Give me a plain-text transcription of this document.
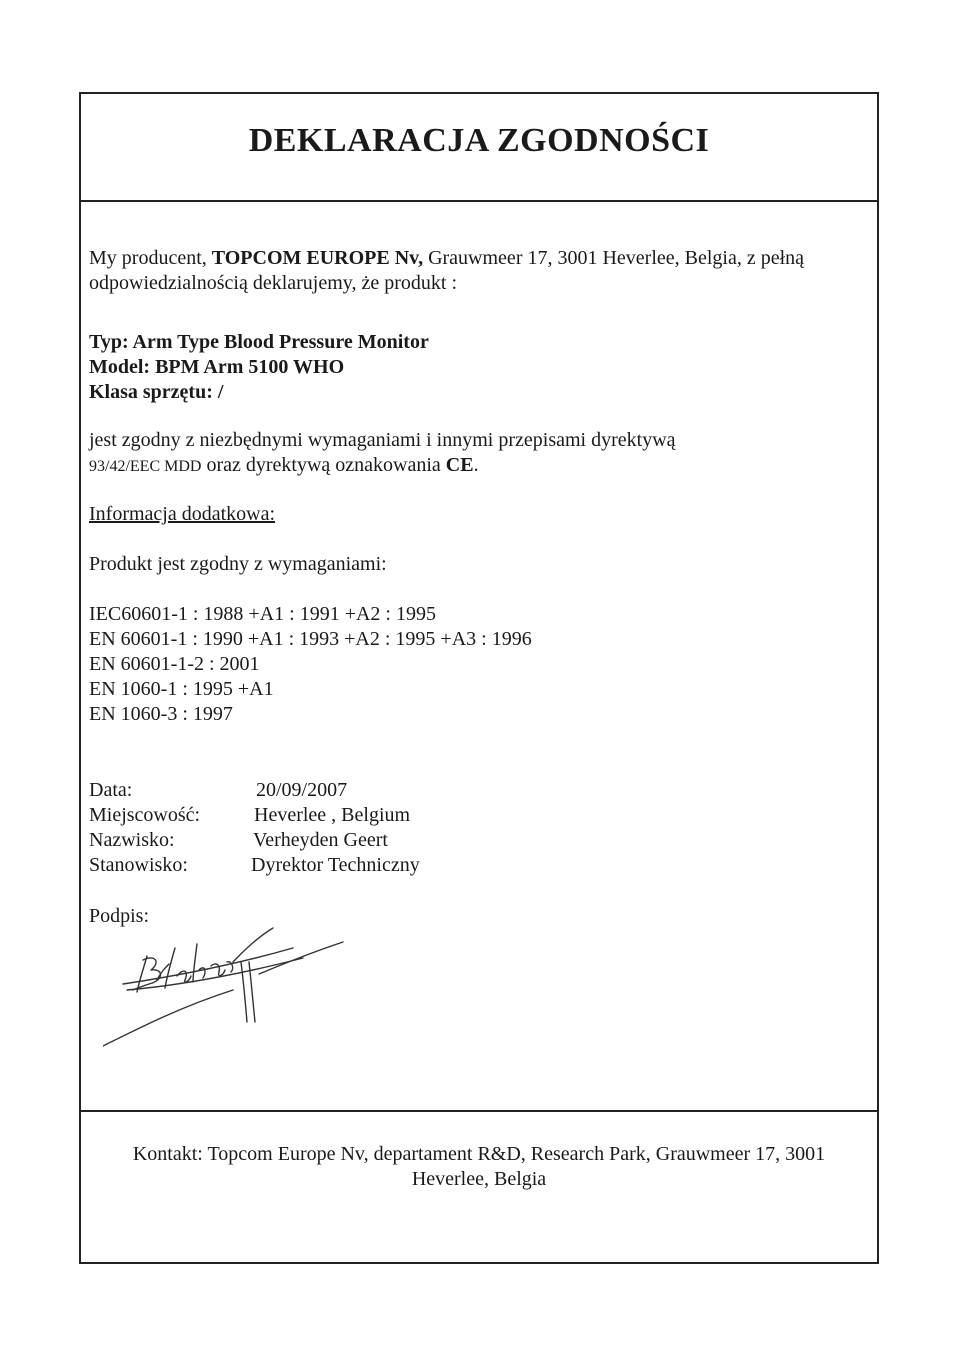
DEKLARACJA ZGODNOŚCI

My producent, TOPCOM EUROPE Nv, Grauwmeer 17, 3001 Heverlee, Belgia, z pełną odpowiedzialnością deklarujemy, że produkt :

Typ: Arm Type Blood Pressure Monitor
Model: BPM Arm 5100 WHO
Klasa sprzętu: /
jest zgodny z niezbędnymi wymaganiami i innymi przepisami dyrektywą
93/42/EEC MDD oraz dyrektywą oznakowania CE.
Informacja dodatkowa:
Produkt jest zgodny z wymaganiami:
IEC60601-1 : 1988 +A1 : 1991 +A2 : 1995
EN 60601-1 : 1990 +A1 : 1993 +A2 : 1995 +A3 : 1996
EN 60601-1-2 : 2001
EN 1060-1 : 1995 +A1
EN 1060-3 : 1997
Data:	20/09/2007
Miejscowość:	Heverlee , Belgium
Nazwisko:	Verheyden Geert
Stanowisko:	Dyrektor Techniczny
Podpis:
Kontakt: Topcom Europe Nv, departament R&D, Research Park, Grauwmeer 17, 3001
Heverlee, Belgia
